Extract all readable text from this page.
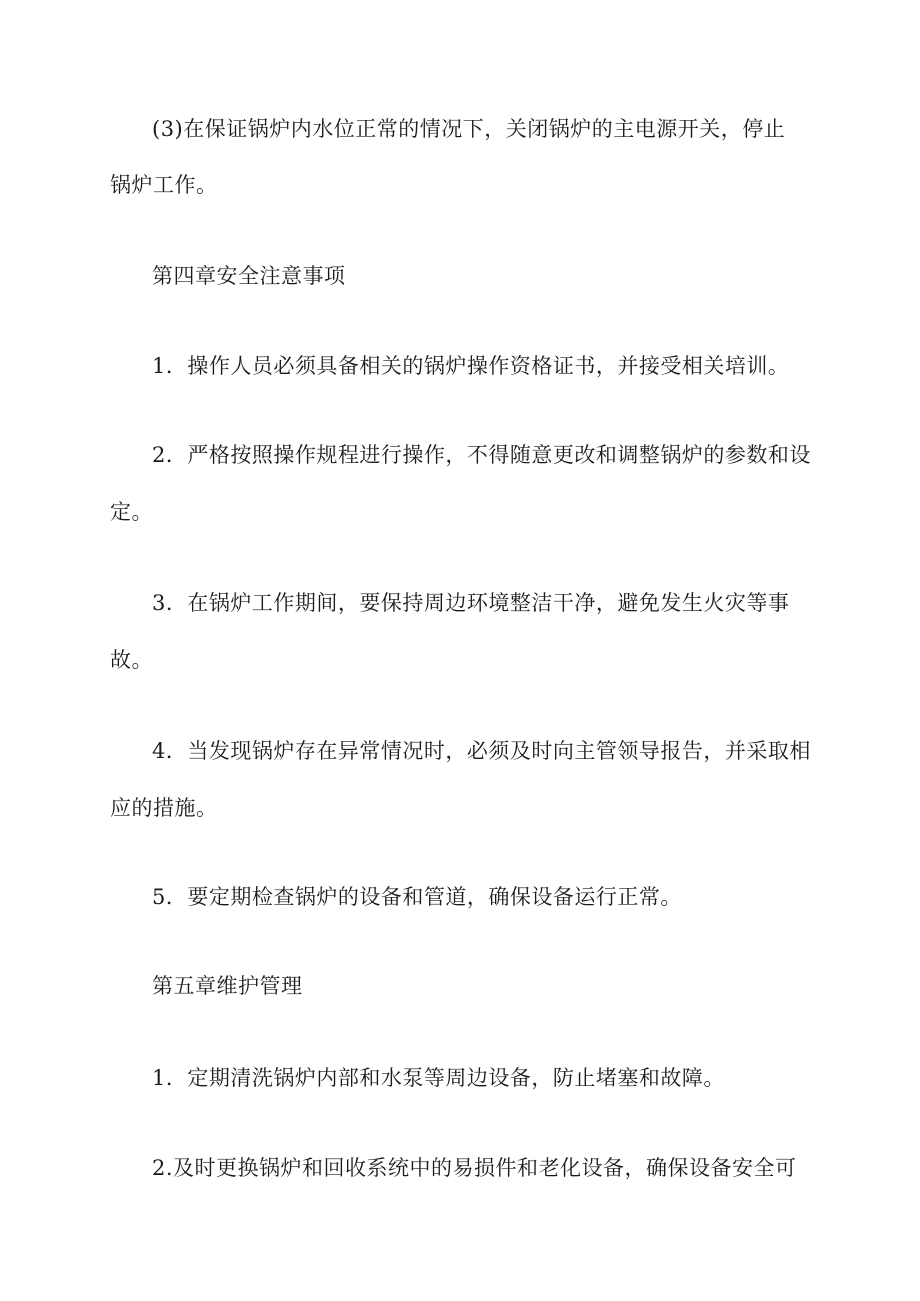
(3)在保证锅炉内水位正常的情况下，关闭锅炉的主电源开关，停止
锅炉工作。
第四章安全注意事项
1．操作人员必须具备相关的锅炉操作资格证书，并接受相关培训。
2．严格按照操作规程进行操作，不得随意更改和调整锅炉的参数和设
定。
3．在锅炉工作期间，要保持周边环境整洁干净，避免发生火灾等事
故。
4．当发现锅炉存在异常情况时，必须及时向主管领导报告，并采取相
应的措施。
5．要定期检查锅炉的设备和管道，确保设备运行正常。
第五章维护管理
1．定期清洗锅炉内部和水泵等周边设备，防止堵塞和故障。
2.及时更换锅炉和回收系统中的易损件和老化设备，确保设备安全可
